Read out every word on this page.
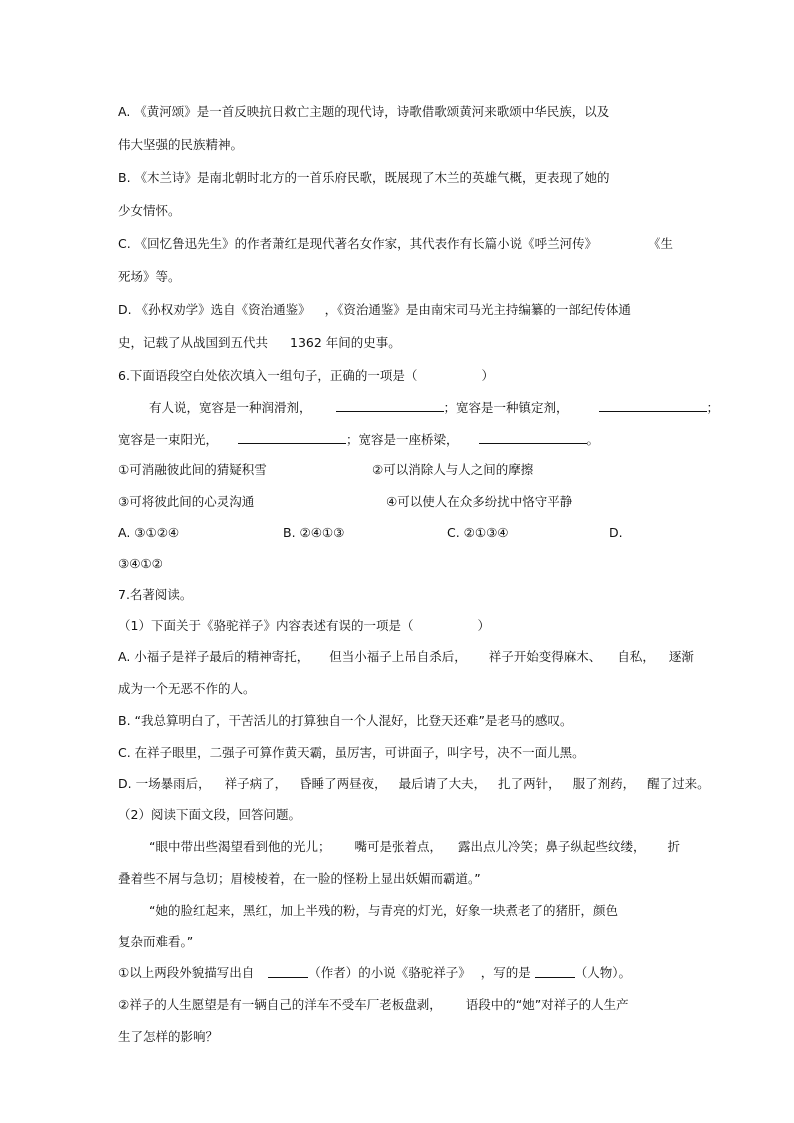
A. 《黄河颂》是一首反映抗日救亡主题的现代诗，诗歌借歌颂黄河来歌颂中华民族，以及
伟大坚强的民族精神。
B. 《木兰诗》是南北朝时北方的一首乐府民歌，既展现了木兰的英雄气概，更表现了她的
少女情怀。
C. 《回忆鲁迅先生》的作者萧红是现代著名女作家，其代表作有长篇小说《呼兰河传》	《生
死场》等。
D. 《孙权劝学》选自《资治通鉴》 ，《资治通鉴》是由南宋司马光主持编纂的一部纪传体通
史，记载了从战国到五代共 1362 年间的史事。
6.下面语段空白处依次填入一组句子，正确的一项是（	）
有人说，宽容是一种润滑剂，	；宽容是一种镇定剂，	；
宽容是一束阳光，	；宽容是一座桥梁，	。
①可消融彼此间的猜疑积雪	②可以消除人与人之间的摩擦
③可将彼此间的心灵沟通	④可以使人在众多纷扰中恪守平静
A. ③①②④	B. ②④①③	C. ②①③④	D.
③④①②
7.名著阅读。
（1）下面关于《骆驼祥子》内容表述有误的一项是（	）
A. 小福子是祥子最后的精神寄托， 但当小福子上吊自杀后， 祥子开始变得麻木、 自私， 逐渐
成为一个无恶不作的人。
B. “我总算明白了，干苦活儿的打算独自一个人混好，比登天还难”是老马的感叹。
C. 在祥子眼里，二强子可算作黄天霸，虽厉害，可讲面子，叫字号，决不一面儿黑。
D. 一场暴雨后， 祥子病了， 昏睡了两昼夜， 最后请了大夫， 扎了两针， 服了剂药， 醒了过来。
（2）阅读下面文段，回答问题。
“眼中带出些渴望看到他的光儿； 嘴可是张着点， 露出点儿冷笑；鼻子纵起些纹缕， 折
叠着些不屑与急切；眉棱棱着，在一脸的怪粉上显出妖媚而霸道。”
“她的脸红起来，黑红，加上半残的粉，与青亮的灯光，好象一块煮老了的猪肝，颜色
复杂而难看。”
①以上两段外貌描写出自	（作者）的小说《骆驼祥子》 ，写的是	（人物）。
②祥子的人生愿望是有一辆自己的洋车不受车厂老板盘剥， 语段中的“她”对祥子的人生产
生了怎样的影响？
